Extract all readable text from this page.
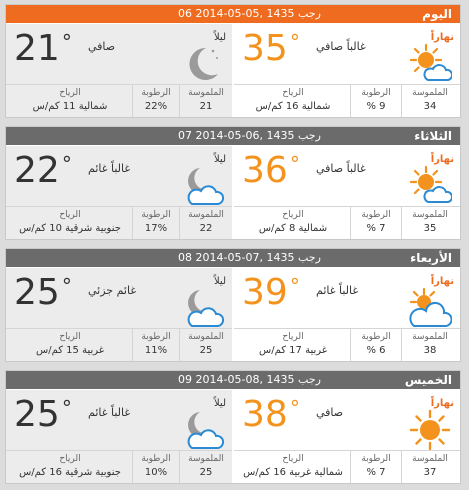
06 رجب 1435 ,05-05-2014	اليوم
21 ° صافي
ليلاً
الرياح
شمالية 11 كم/س
الرطوبة
22%
الملموسة
21
35 ° غالباً صافي
نهاراً
الرياح
شمالية 16 كم/س
الرطوبة
% 9
الملموسة
34
07 رجب 1435 ,06-05-2014	الثلاثاء
22 ° غالباً غائم
ليلاً
الرياح
جنوبية شرقية 10 كم/س
الرطوبة
17%
الملموسة
22
36 ° غالباً صافي
نهاراً
الرياح
شمالية 8 كم/س
الرطوبة
% 7
الملموسة
35
08 رجب 1435 ,07-05-2014	الأربعاء
25 ° غائم جزئي
ليلاً
الرياح
غربية 15 كم/س
الرطوبة
11%
الملموسة
25
39 ° غالباً غائم
نهاراً
الرياح
غربية 17 كم/س
الرطوبة
% 6
الملموسة
38
09 رجب 1435 ,08-05-2014	الخميس
25 ° غالباً غائم
ليلاً
الرياح
جنوبية شرقية 16 كم/س
الرطوبة
10%
الملموسة
25
38 ° صافي
نهاراً
الرياح
شمالية غربية 16 كم/س
الرطوبة
% 7
الملموسة
37
